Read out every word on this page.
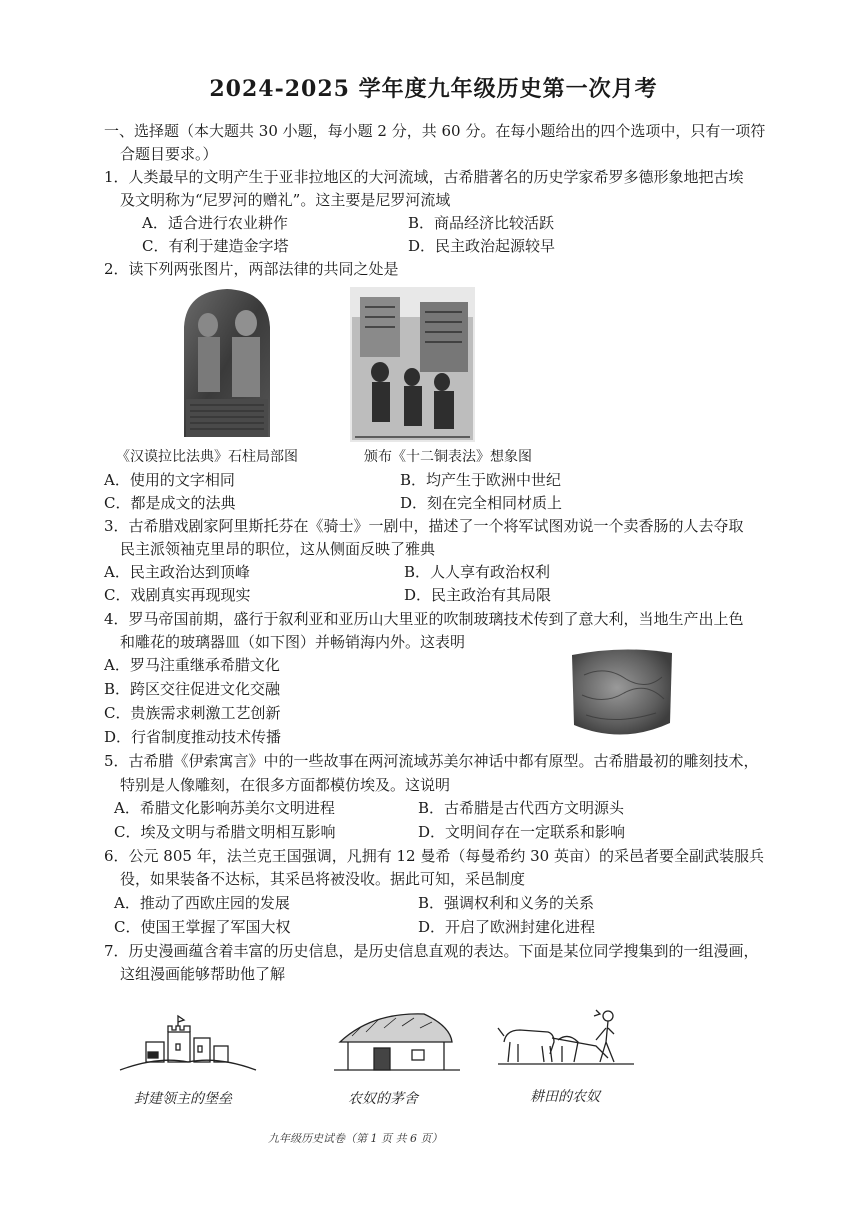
2024-2025 学年度九年级历史第一次月考
一、选择题（本大题共 30 小题，每小题 2 分，共 60 分。在每小题给出的四个选项中，只有一项符
合题目要求。）
1．人类最早的文明产生于亚非拉地区的大河流域，古希腊著名的历史学家希罗多德形象地把古埃
及文明称为“尼罗河的赠礼”。这主要是尼罗河流域
A．适合进行农业耕作	B．商品经济比较活跃
C．有利于建造金字塔	D．民主政治起源较早
2．读下列两张图片，两部法律的共同之处是
《汉谟拉比法典》石柱局部图	颁布《十二铜表法》想象图
A．使用的文字相同	B．均产生于欧洲中世纪
C．都是成文的法典	D．刻在完全相同材质上
3．古希腊戏剧家阿里斯托芬在《骑士》一剧中，描述了一个将军试图劝说一个卖香肠的人去夺取
民主派领袖克里昂的职位，这从侧面反映了雅典
A．民主政治达到顶峰	B．人人享有政治权利
C．戏剧真实再现现实	D．民主政治有其局限
4．罗马帝国前期，盛行于叙利亚和亚历山大里亚的吹制玻璃技术传到了意大利，当地生产出上色
和雕花的玻璃器皿（如下图）并畅销海内外。这表明
A．罗马注重继承希腊文化
B．跨区交往促进文化交融
C．贵族需求刺激工艺创新
D．行省制度推动技术传播
5．古希腊《伊索寓言》中的一些故事在两河流域苏美尔神话中都有原型。古希腊最初的雕刻技术，
特别是人像雕刻，在很多方面都模仿埃及。这说明
A．希腊文化影响苏美尔文明进程	B．古希腊是古代西方文明源头
C．埃及文明与希腊文明相互影响	D．文明间存在一定联系和影响
6．公元 805 年，法兰克王国强调，凡拥有 12 曼希（每曼希约 30 英亩）的采邑者要全副武装服兵
役，如果装备不达标，其采邑将被没收。据此可知，采邑制度
A．推动了西欧庄园的发展	B．强调权利和义务的关系
C．使国王掌握了军国大权	D．开启了欧洲封建化进程
7．历史漫画蕴含着丰富的历史信息，是历史信息直观的表达。下面是某位同学搜集到的一组漫画，
这组漫画能够帮助他了解
封建领主的堡垒	农奴的茅舍	耕田的农奴
九年级历史试卷（第 1 页 共 6 页）
